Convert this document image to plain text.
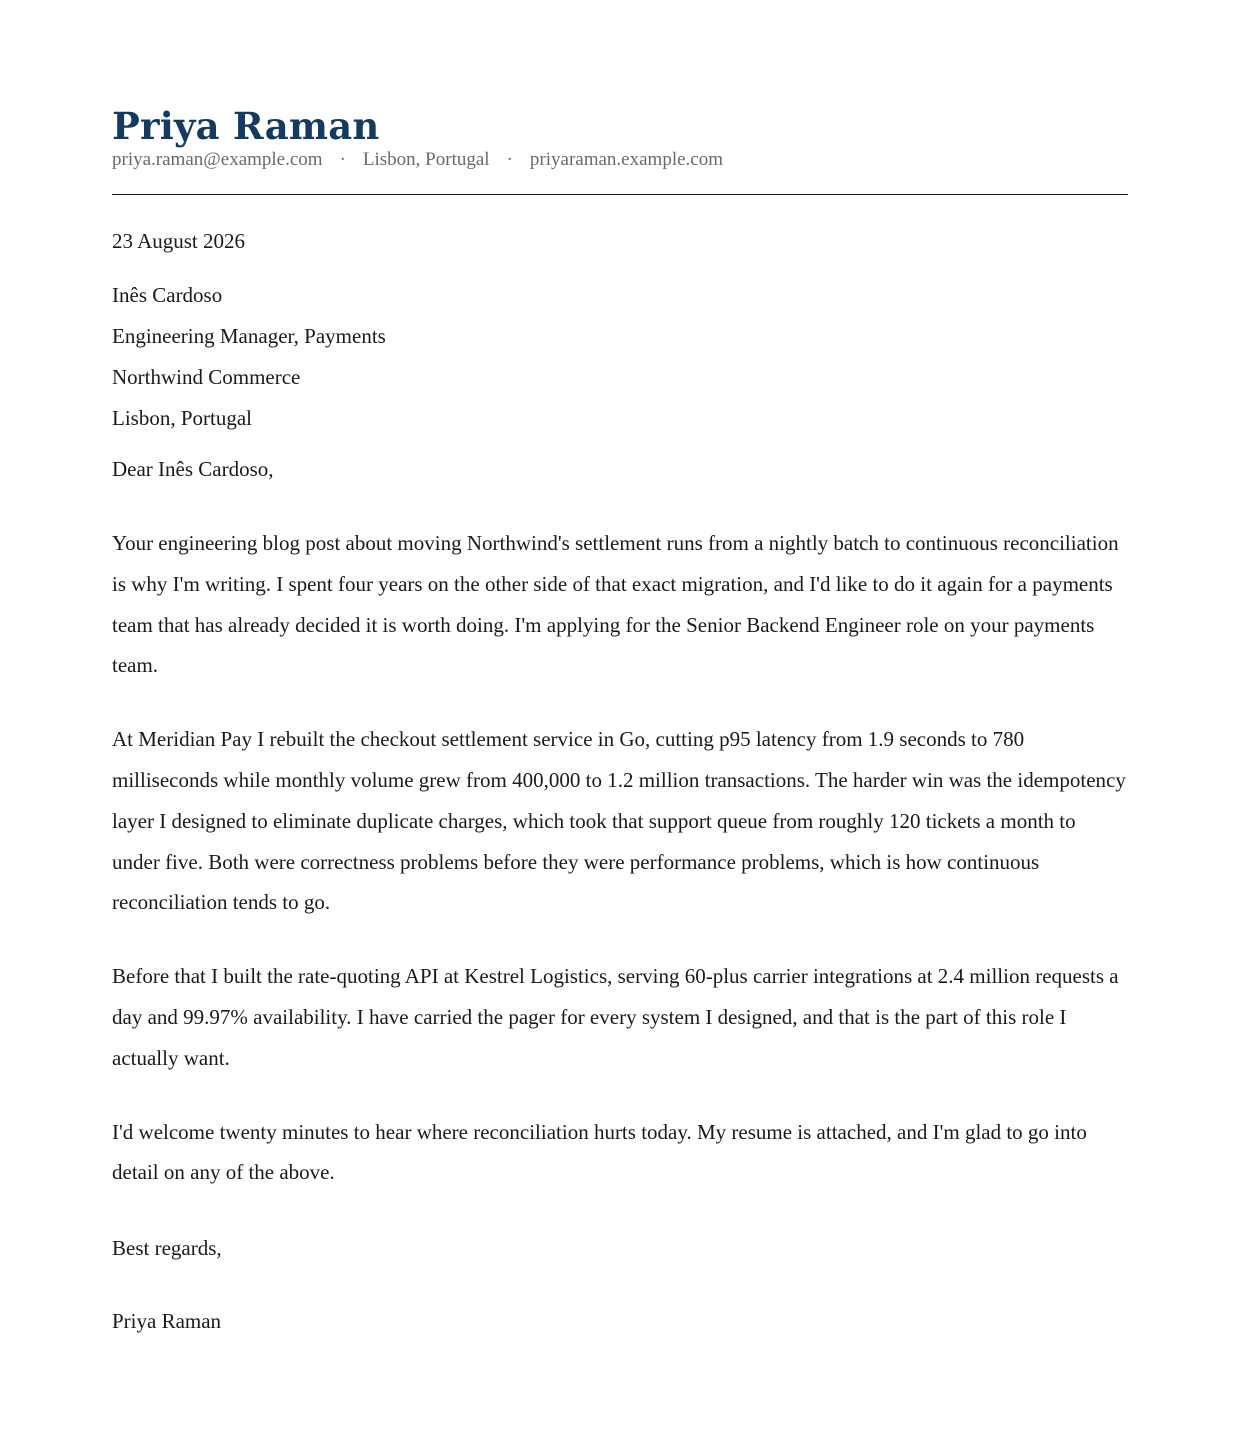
Priya Raman
priya.raman@example.com · Lisbon, Portugal · priyaraman.example.com
23 August 2026
Inês Cardoso
Engineering Manager, Payments
Northwind Commerce
Lisbon, Portugal
Dear Inês Cardoso,

Your engineering blog post about moving Northwind's settlement runs from a nightly batch to continuous reconciliation is why I'm writing. I spent four years on the other side of that exact migration, and I'd like to do it again for a payments team that has already decided it is worth doing. I'm applying for the Senior Backend Engineer role on your payments team.

At Meridian Pay I rebuilt the checkout settlement service in Go, cutting p95 latency from 1.9 seconds to 780 milliseconds while monthly volume grew from 400,000 to 1.2 million transactions. The harder win was the idempotency layer I designed to eliminate duplicate charges, which took that support queue from roughly 120 tickets a month to under five. Both were correctness problems before they were performance problems, which is how continuous reconciliation tends to go.

Before that I built the rate-quoting API at Kestrel Logistics, serving 60-plus carrier integrations at 2.4 million requests a day and 99.97% availability. I have carried the pager for every system I designed, and that is the part of this role I actually want.

I'd welcome twenty minutes to hear where reconciliation hurts today. My resume is attached, and I'm glad to go into detail on any of the above.

Best regards,
Priya Raman
